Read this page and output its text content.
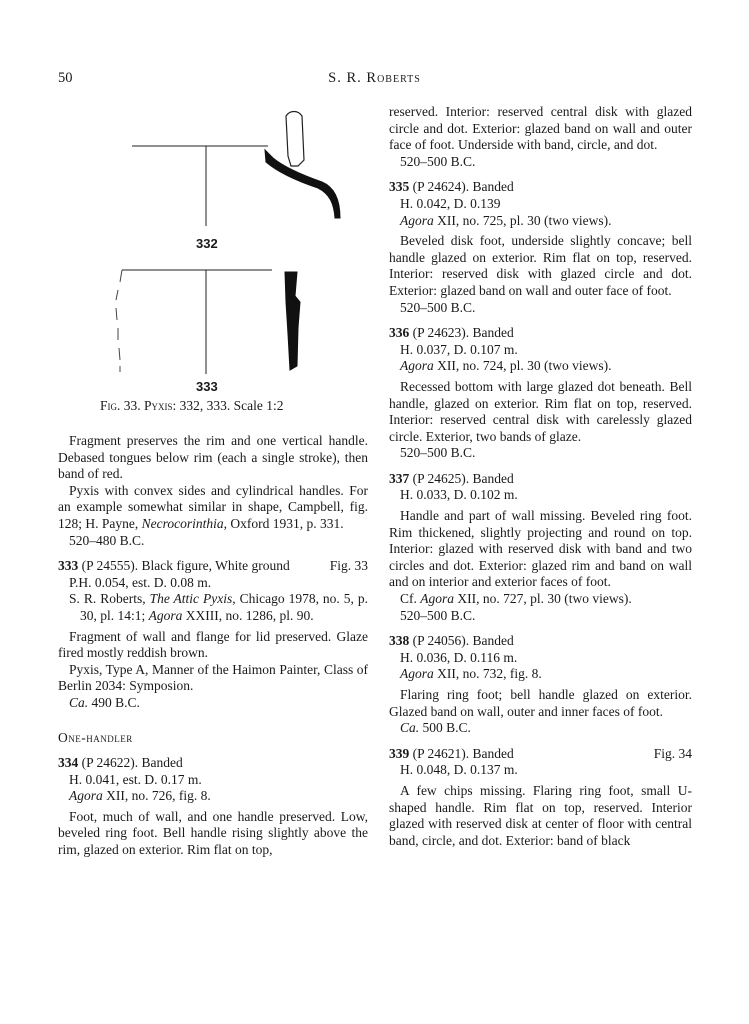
50	S. R. Roberts
332
333
Fig. 33. Pyxis: 332, 333. Scale 1:2

Fragment preserves the rim and one vertical handle. Debased tongues below rim (each a single stroke), then band of red.

Pyxis with convex sides and cylindrical handles. For an example somewhat similar in shape, Campbell, fig. 128; H. Payne, Necrocorinthia, Oxford 1931, p. 331.

520–480 B.C.
333 (P 24555). Black figure, White ground	Fig. 33
P.H. 0.054, est. D. 0.08 m.

S. R. Roberts, The Attic Pyxis, Chicago 1978, no. 5, p. 30, pl. 14:1; Agora XXIII, no. 1286, pl. 90.

Fragment of wall and flange for lid preserved. Glaze fired mostly reddish brown.

Pyxis, Type A, Manner of the Haimon Painter, Class of Berlin 2034: Symposion.

Ca. 490 B.C.
One-handler
334 (P 24622). Banded
H. 0.041, est. D. 0.17 m.
Agora XII, no. 726, fig. 8.

Foot, much of wall, and one handle preserved. Low, beveled ring foot. Bell handle rising slightly above the rim, glazed on exterior. Rim flat on top,

reserved. Interior: reserved central disk with glazed circle and dot. Exterior: glazed band on wall and outer face of foot. Underside with band, circle, and dot.

520–500 B.C.
335 (P 24624). Banded
H. 0.042, D. 0.139
Agora XII, no. 725, pl. 30 (two views).

Beveled disk foot, underside slightly concave; bell handle glazed on exterior. Rim flat on top, reserved. Interior: reserved disk with glazed circle and dot. Exterior: glazed band on wall and outer face of foot.

520–500 B.C.
336 (P 24623). Banded
H. 0.037, D. 0.107 m.
Agora XII, no. 724, pl. 30 (two views).

Recessed bottom with large glazed dot beneath. Bell handle, glazed on exterior. Rim flat on top, reserved. Interior: reserved central disk with carelessly glazed circle. Exterior, two bands of glaze.

520–500 B.C.
337 (P 24625). Banded
H. 0.033, D. 0.102 m.

Handle and part of wall missing. Beveled ring foot. Rim thickened, slightly projecting and round on top. Interior: glazed with reserved disk with band and two circles and dot. Exterior: glazed rim and band on wall and on interior and exterior faces of foot.

Cf. Agora XII, no. 727, pl. 30 (two views).

520–500 B.C.
338 (P 24056). Banded
H. 0.036, D. 0.116 m.
Agora XII, no. 732, fig. 8.

Flaring ring foot; bell handle glazed on exterior. Glazed band on wall, outer and inner faces of foot.

Ca. 500 B.C.
339 (P 24621). Banded	Fig. 34
H. 0.048, D. 0.137 m.

A few chips missing. Flaring ring foot, small U-shaped handle. Rim flat on top, reserved. Interior glazed with reserved disk at center of floor with central band, circle, and dot. Exterior: band of black
